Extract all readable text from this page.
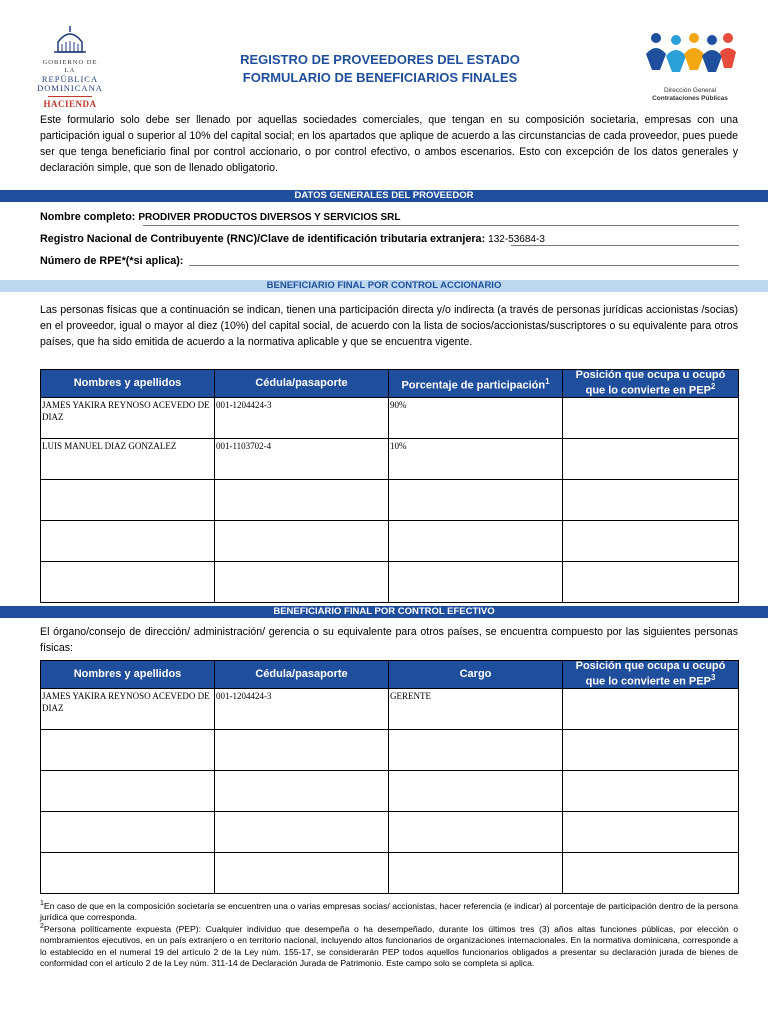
GOBIERNO DE LA
REPÚBLICA
DOMINICANA
HACIENDA
REGISTRO DE PROVEEDORES DEL ESTADO
FORMULARIO DE BENEFICIARIOS FINALES
Dirección General
Contrataciones Públicas
Este formulario solo debe ser llenado por aquellas sociedades comerciales, que tengan en su composición societaria, empresas con una participación igual o superior al 10% del capital social; en los apartados que aplique de acuerdo a las circunstancias de cada proveedor, pues puede ser que tenga beneficiario final por control accionario, o por control efectivo, o ambos escenarios. Esto con excepción de los datos generales y declaración simple, que son de llenado obligatorio.
DATOS GENERALES DEL PROVEEDOR
Nombre completo: PRODIVER PRODUCTOS DIVERSOS Y SERVICIOS SRL
Registro Nacional de Contribuyente (RNC)/Clave de identificación tributaria extranjera: 132-53684-3
Número de RPE*(*si aplica):
BENEFICIARIO FINAL POR CONTROL ACCIONARIO
Las personas físicas que a continuación se indican, tienen una participación directa y/o indirecta (a través de personas jurídicas accionistas /socias) en el proveedor, igual o mayor al diez (10%) del capital social, de acuerdo con la lista de socios/accionistas/suscriptores o su equivalente para otros países, que ha sido emitida de acuerdo a la normativa aplicable y que se encuentra vigente.
Nombres y apellidos	Cédula/pasaporte	Porcentaje de participación$^1$	Posición que ocupa u ocupó que lo convierte en PEP$^2$
JAMES YAKIRA REYNOSO ACEVEDO DE DIAZ	001-1204424-3	90%	
LUIS MANUEL DIAZ GONZALEZ	001-1103702-4	10%	

BENEFICIARIO FINAL POR CONTROL EFECTIVO
El órgano/consejo de dirección/ administración/ gerencia o su equivalente para otros países, se encuentra compuesto por las siguientes personas físicas:
Nombres y apellidos	Cédula/pasaporte	Cargo	Posición que ocupa u ocupó que lo convierte en PEP$^3$
JAMES YAKIRA REYNOSO ACEVEDO DE DIAZ	001-1204424-3	GERENTE	

$^1$En caso de que en la composición societaria se encuentren una o varias empresas socias/ accionistas, hacer referencia (e indicar) al porcentaje de participación dentro de la persona jurídica que corresponda.
$^2$Persona políticamente expuesta (PEP): Cualquier individuo que desempeña o ha desempeñado, durante los últimos tres (3) años altas funciones públicas, por elección o nombramientos ejecutivos, en un país extranjero o en territorio nacional, incluyendo altos funcionarios de organizaciones internacionales. En la normativa dominicana, corresponde a lo establecido en el numeral 19 del artículo 2 de la Ley núm. 155-17, se considerarán PEP todos aquellos funcionarios obligados a presentar su declaración jurada de bienes de conformidad con el artículo 2 de la Ley núm. 311-14 de Declaración Jurada de Patrimonio. Este campo solo se completa si aplica.
